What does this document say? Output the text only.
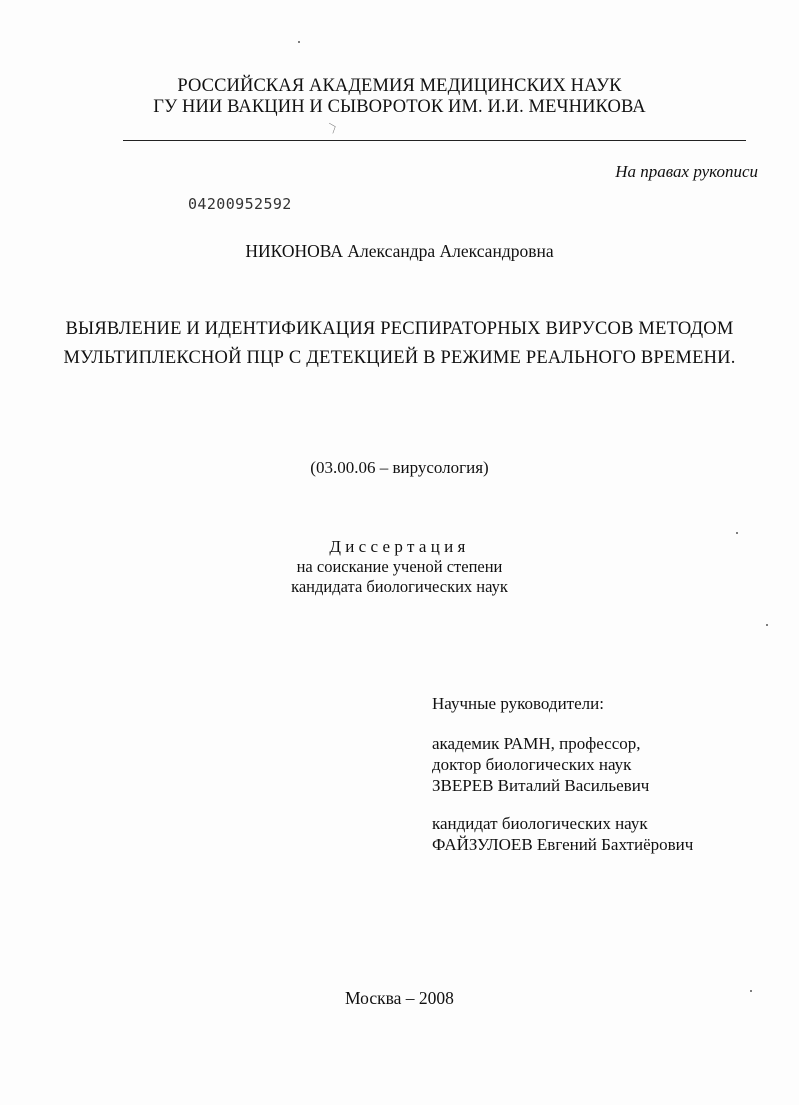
〉
РОССИЙСКАЯ АКАДЕМИЯ МЕДИЦИНСКИХ НАУК
ГУ НИИ ВАКЦИН И СЫВОРОТОК ИМ. И.И. МЕЧНИКОВА
На правах рукописи
04200952592
НИКОНОВА Александра Александровна
ВЫЯВЛЕНИЕ И ИДЕНТИФИКАЦИЯ РЕСПИРАТОРНЫХ ВИРУСОВ МЕТОДОМ
МУЛЬТИПЛЕКСНОЙ ПЦР С ДЕТЕКЦИЕЙ В РЕЖИМЕ РЕАЛЬНОГО ВРЕМЕНИ.
(03.00.06 – вирусология)
Диссертация
на соискание ученой степени
кандидата биологических наук
Научные руководители:
академик РАМН, профессор,
доктор биологических наук
ЗВЕРЕВ Виталий Васильевич
кандидат биологических наук
ФАЙЗУЛОЕВ Евгений Бахтиёрович
Москва – 2008
